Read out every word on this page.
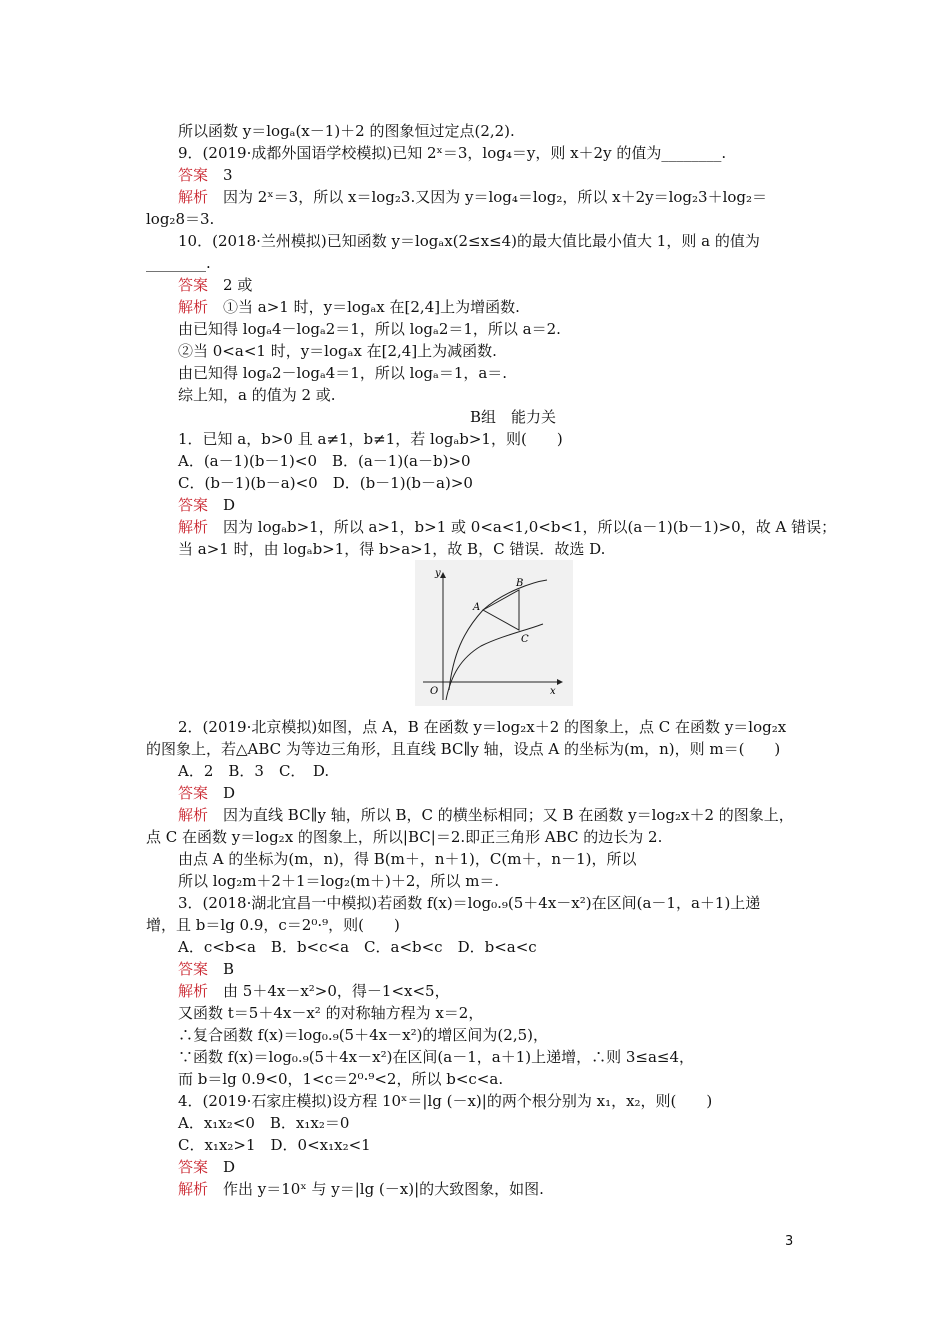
所以函数 y＝logₐ(x－1)＋2 的图象恒过定点(2,2).
9．(2019·成都外国语学校模拟)已知 2ˣ＝3，log₄＝y，则 x＋2y 的值为________.
答案　3
解析　因为 2ˣ＝3，所以 x＝log₂3.又因为 y＝log₄＝log₂，所以 x＋2y＝log₂3＋log₂＝
log₂8＝3.
10．(2018·兰州模拟)已知函数 y＝logₐx(2≤x≤4)的最大值比最小值大 1，则 a 的值为
________.
答案　2 或
解析　①当 a>1 时，y＝logₐx 在[2,4]上为增函数.
由已知得 logₐ4－logₐ2＝1，所以 logₐ2＝1，所以 a＝2.
②当 0<a<1 时，y＝logₐx 在[2,4]上为减函数.
由已知得 logₐ2－logₐ4＝1，所以 logₐ＝1，a＝.
综上知，a 的值为 2 或.
1．已知 a，b>0 且 a≠1，b≠1，若 logₐb>1，则(　　)
A．(a－1)(b－1)<0　B．(a－1)(a－b)>0
C．(b－1)(b－a)<0　D．(b－1)(b－a)>0
答案　D
解析　因为 logₐb>1，所以 a>1，b>1 或 0<a<1,0<b<1，所以(a－1)(b－1)>0，故 A 错误；
当 a>1 时，由 logₐb>1，得 b>a>1，故 B，C 错误．故选 D.
2．(2019·北京模拟)如图，点 A，B 在函数 y＝log₂x＋2 的图象上，点 C 在函数 y＝log₂x
的图象上，若△ABC 为等边三角形，且直线 BC∥y 轴，设点 A 的坐标为(m，n)，则 m＝(　　)
A．2　B．3　C．　D.
答案　D
解析　因为直线 BC∥y 轴，所以 B，C 的横坐标相同；又 B 在函数 y＝log₂x＋2 的图象上，
点 C 在函数 y＝log₂x 的图象上，所以|BC|＝2.即正三角形 ABC 的边长为 2.
由点 A 的坐标为(m，n)，得 B(m＋，n＋1)，C(m＋，n－1)，所以
所以 log₂m＋2＋1＝log₂(m＋)＋2，所以 m＝.
3．(2018·湖北宜昌一中模拟)若函数 f(x)＝log₀.₉(5＋4x－x²)在区间(a－1，a＋1)上递
增，且 b＝lg 0.9，c＝2⁰·⁹，则(　　)
A．c<b<a　B．b<c<a　C．a<b<c　D．b<a<c
答案　B
解析　由 5＋4x－x²>0，得－1<x<5，
又函数 t＝5＋4x－x² 的对称轴方程为 x＝2，
∴复合函数 f(x)＝log₀.₉(5＋4x－x²)的增区间为(2,5)，
∵函数 f(x)＝log₀.₉(5＋4x－x²)在区间(a－1，a＋1)上递增，∴则 3≤a≤4，
而 b＝lg 0.9<0，1<c＝2⁰·⁹<2，所以 b<c<a.
4．(2019·石家庄模拟)设方程 10ˣ＝|lg (－x)|的两个根分别为 x₁，x₂，则(　　)
A．x₁x₂<0　B．x₁x₂＝0
C．x₁x₂>1　D．0<x₁x₂<1
答案　D
解析　作出 y＝10ˣ 与 y＝|lg (－x)|的大致图象，如图.
B组　能力关
y
x
O
A
B
C
3
